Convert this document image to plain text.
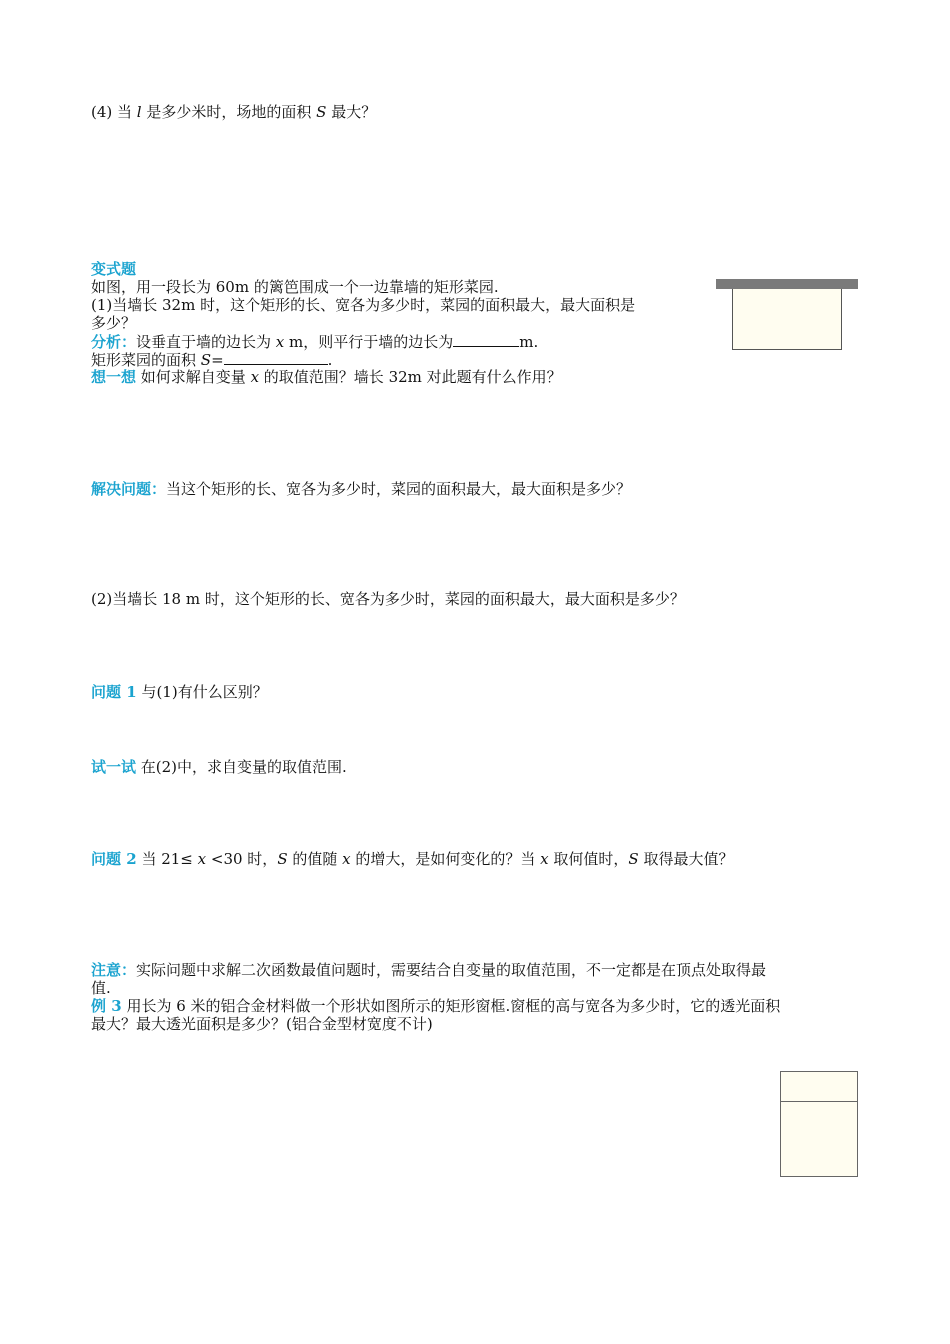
(4) 当 l 是多少米时，场地的面积 S 最大？
变式题
如图，用一段长为 60m 的篱笆围成一个一边靠墙的矩形菜园.
(1)当墙长 32m 时，这个矩形的长、宽各为多少时，菜园的面积最大，最大面积是
多少？
分析：设垂直于墙的边长为 x m，则平行于墙的边长为	m.
矩形菜园的面积 S=	.
想一想 如何求解自变量 x 的取值范围？墙长 32m 对此题有什么作用？
解决问题：当这个矩形的长、宽各为多少时，菜园的面积最大，最大面积是多少？
(2)当墙长 18 m 时，这个矩形的长、宽各为多少时，菜园的面积最大，最大面积是多少？
问题 1 与(1)有什么区别？
试一试 在(2)中，求自变量的取值范围.
问题 2 当 21≤ x <30 时，S 的值随 x 的增大，是如何变化的？当 x 取何值时，S 取得最大值？
注意：实际问题中求解二次函数最值问题时，需要结合自变量的取值范围，不一定都是在顶点处取得最
值.
例 3 用长为 6 米的铝合金材料做一个形状如图所示的矩形窗框.窗框的高与宽各为多少时，它的透光面积
最大？最大透光面积是多少？(铝合金型材宽度不计)
